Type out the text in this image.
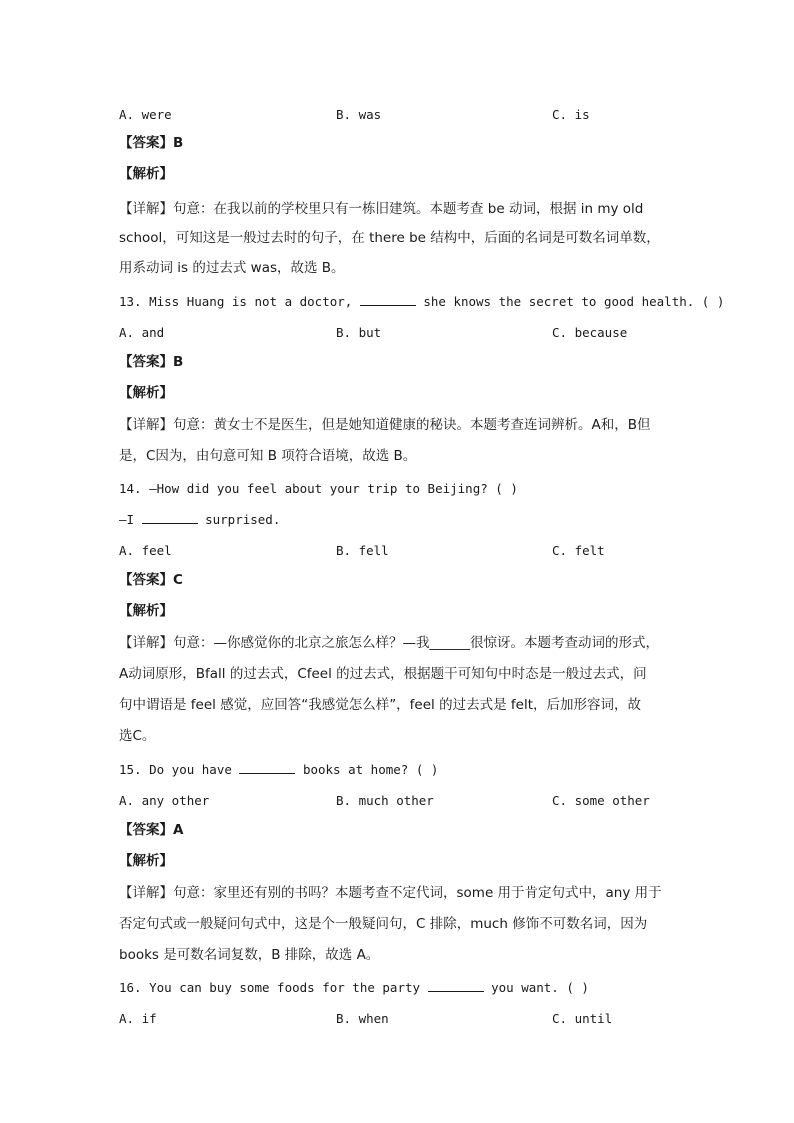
A. were	B. was	C. is
【答案】B
【解析】
【详解】句意：在我以前的学校里只有一栋旧建筑。本题考查 be 动词，根据 in my old
school，可知这是一般过去时的句子，在 there be 结构中，后面的名词是可数名词单数，
用系动词 is 的过去式 was，故选 B。
13. Miss Huang is not a doctor,	she knows the secret to good health. ( )
A. and	B. but	C. because
【答案】B
【解析】
【详解】句意：黄女士不是医生，但是她知道健康的秘诀。本题考查连词辨析。A和，B但
是，C因为，由句意可知 B 项符合语境，故选 B。
14. —How did you feel about your trip to Beijing? ( )
—I	surprised.
A. feel	B. fell	C. felt
【答案】C
【解析】
【详解】句意：—你感觉你的北京之旅怎么样？—我______很惊讶。本题考查动词的形式，
A动词原形，Bfall 的过去式，Cfeel 的过去式，根据题干可知句中时态是一般过去式，问
句中谓语是 feel 感觉，应回答“我感觉怎么样”，feel 的过去式是 felt，后加形容词，故
选C。
15. Do you have	books at home? ( )
A. any other	B. much other	C. some other
【答案】A
【解析】
【详解】句意：家里还有别的书吗？本题考查不定代词，some 用于肯定句式中，any 用于
否定句式或一般疑问句式中，这是个一般疑问句，C 排除，much 修饰不可数名词，因为
books 是可数名词复数，B 排除，故选 A。
16. You can buy some foods for the party	you want. ( )
A. if	B. when	C. until
